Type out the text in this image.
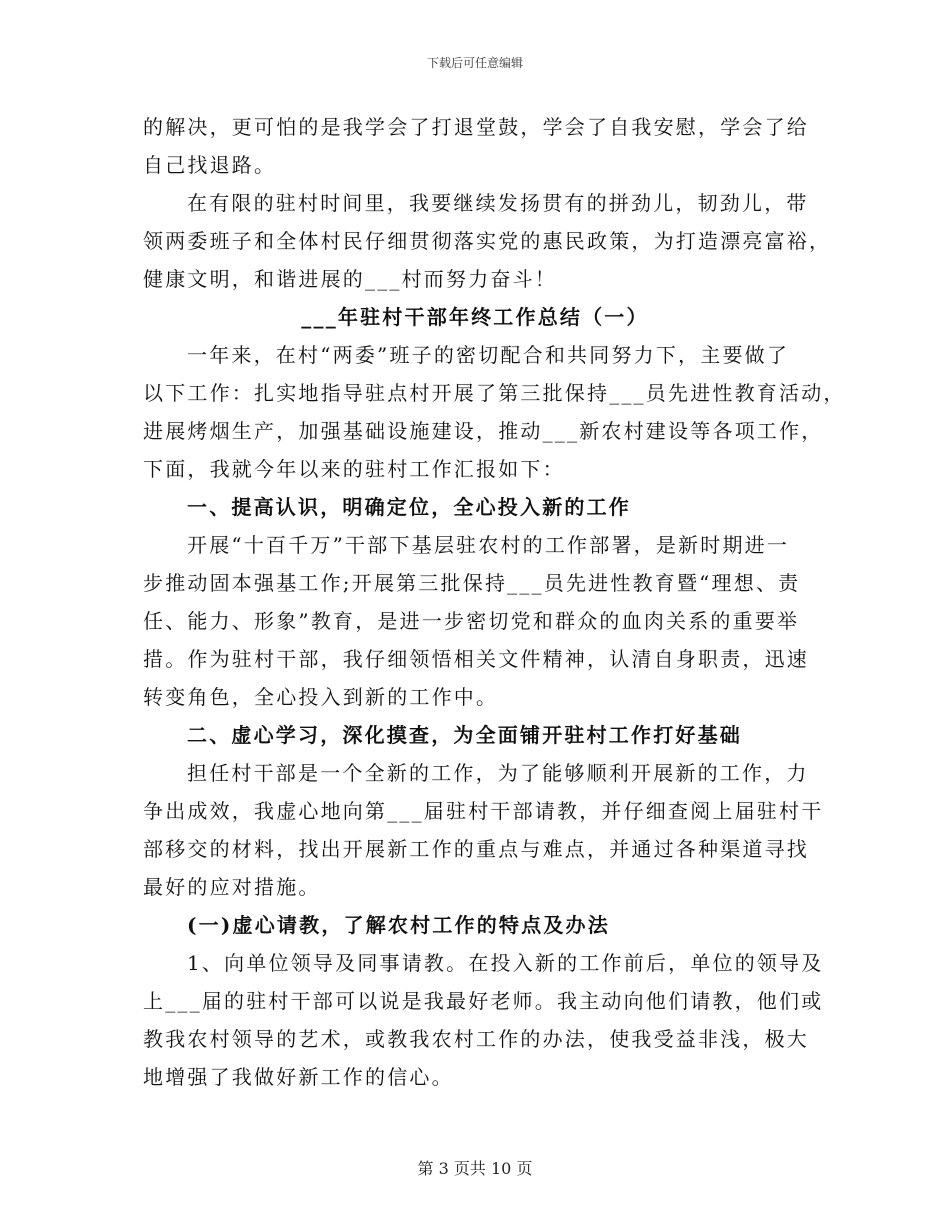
下载后可任意编辑
的解决，更可怕的是我学会了打退堂鼓，学会了自我安慰，学会了给
自己找退路。
在有限的驻村时间里，我要继续发扬贯有的拼劲儿，韧劲儿，带
领两委班子和全体村民仔细贯彻落实党的惠民政策，为打造漂亮富裕，
健康文明，和谐进展的___村而努力奋斗！
___年驻村干部年终工作总结（一）
一年来，在村“两委”班子的密切配合和共同努力下，主要做了
以下工作：扎实地指导驻点村开展了第三批保持___员先进性教育活动，
进展烤烟生产，加强基础设施建设，推动___新农村建设等各项工作，
下面，我就今年以来的驻村工作汇报如下：
一、提高认识，明确定位，全心投入新的工作
开展“十百千万”干部下基层驻农村的工作部署，是新时期进一
步推动固本强基工作;开展第三批保持___员先进性教育暨“理想、责
任、能力、形象”教育，是进一步密切党和群众的血肉关系的重要举
措。作为驻村干部，我仔细领悟相关文件精神，认清自身职责，迅速
转变角色，全心投入到新的工作中。
二、虚心学习，深化摸查，为全面铺开驻村工作打好基础
担任村干部是一个全新的工作，为了能够顺利开展新的工作，力
争出成效，我虚心地向第___届驻村干部请教，并仔细查阅上届驻村干
部移交的材料，找出开展新工作的重点与难点，并通过各种渠道寻找
最好的应对措施。
(一)虚心请教，了解农村工作的特点及办法
1、向单位领导及同事请教。在投入新的工作前后，单位的领导及
上___届的驻村干部可以说是我最好老师。我主动向他们请教，他们或
教我农村领导的艺术，或教我农村工作的办法，使我受益非浅，极大
地增强了我做好新工作的信心。
第 3 页共 10 页
